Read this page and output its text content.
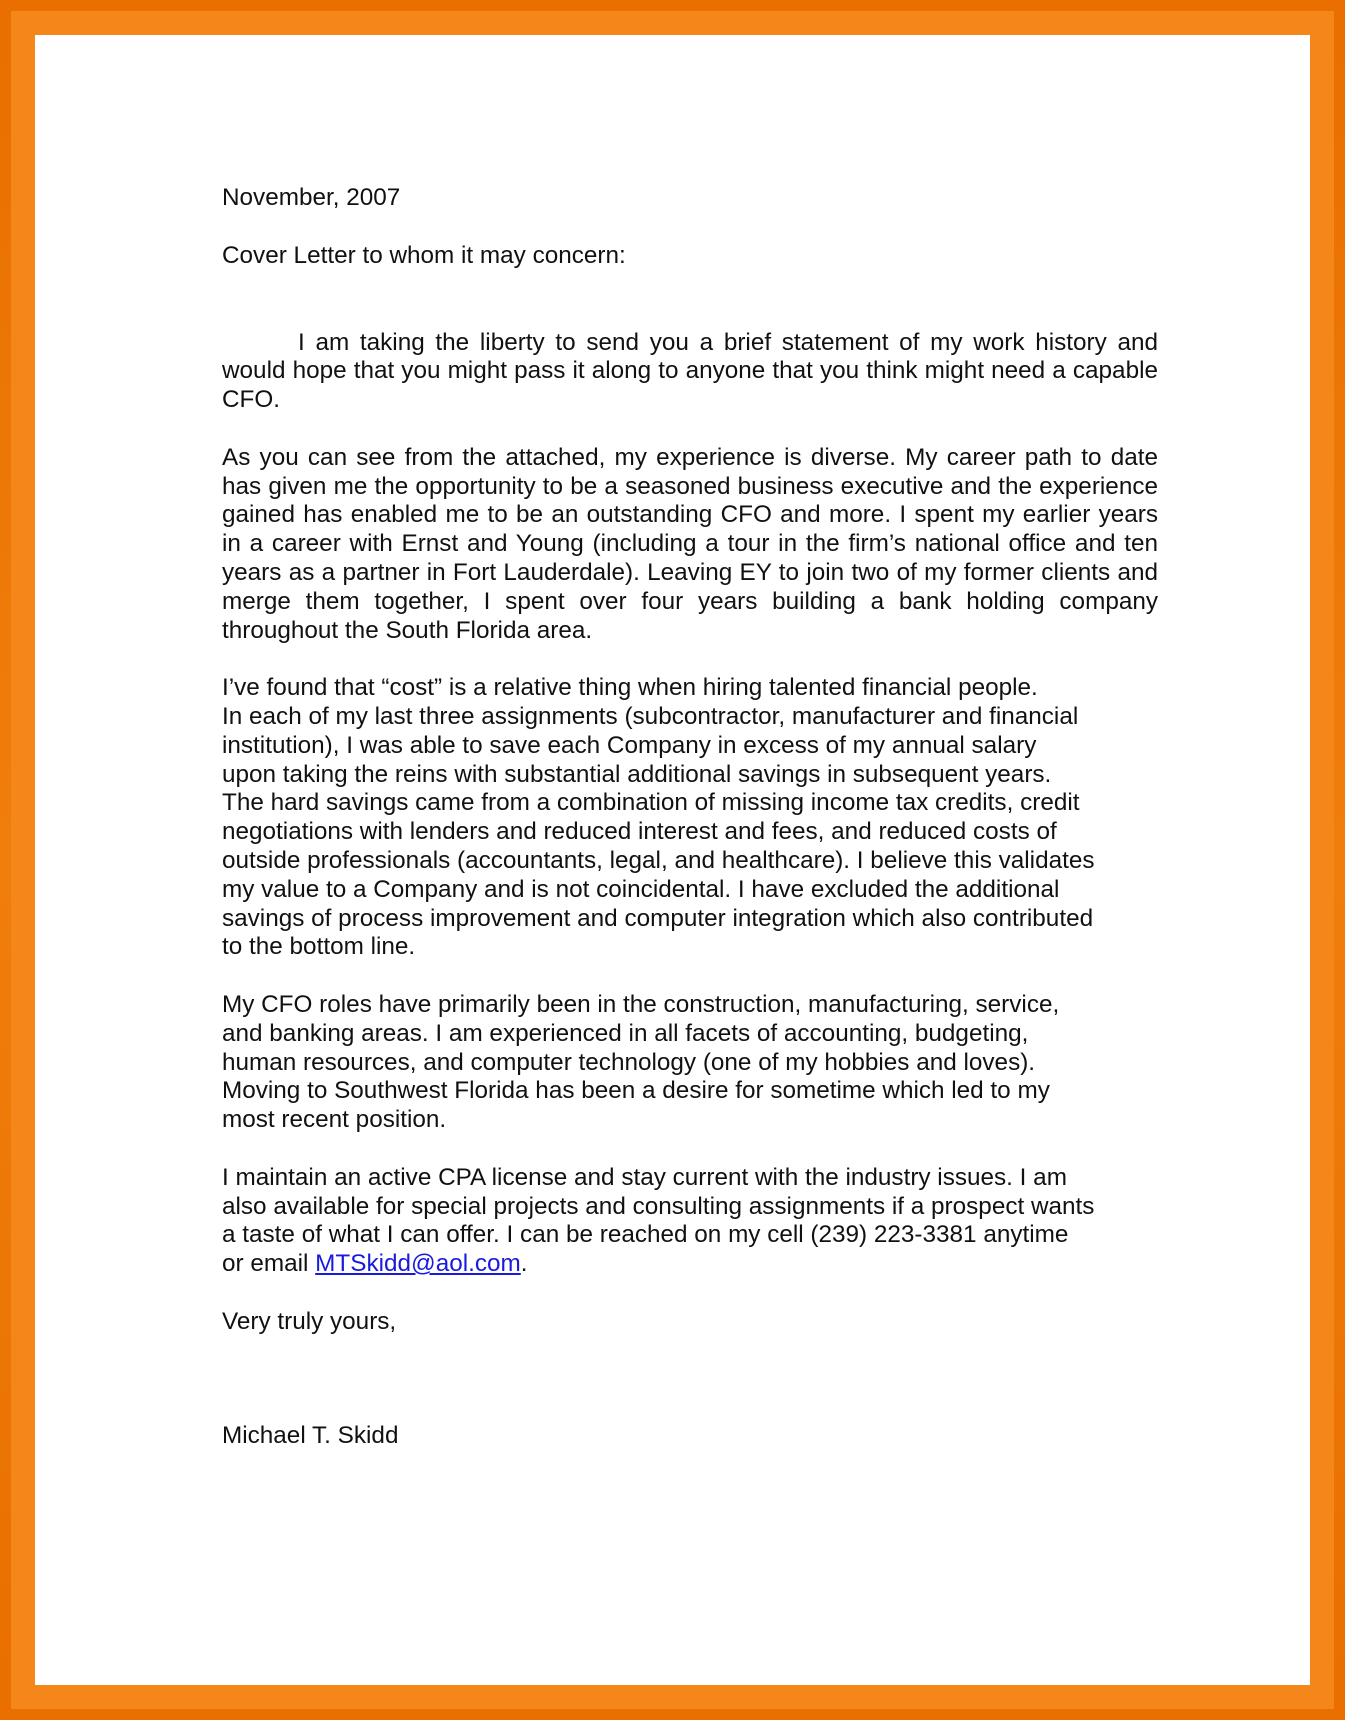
November, 2007

Cover Letter to whom it may concern:

I am taking the liberty to send you a brief statement of my work history and would hope that you might pass it along to anyone that you think might need a capable CFO.

As you can see from the attached, my experience is diverse. My career path to date has given me the opportunity to be a seasoned business executive and the experience gained has enabled me to be an outstanding CFO and more. I spent my earlier years in a career with Ernst and Young (including a tour in the firm’s national office and ten years as a partner in Fort Lauderdale). Leaving EY to join two of my former clients and merge them together, I spent over four years building a bank holding company throughout the South Florida area.

I’ve found that “cost” is a relative thing when hiring talented financial people.
In each of my last three assignments (subcontractor, manufacturer and financial
institution), I was able to save each Company in excess of my annual salary
upon taking the reins with substantial additional savings in subsequent years.
The hard savings came from a combination of missing income tax credits, credit
negotiations with lenders and reduced interest and fees, and reduced costs of
outside professionals (accountants, legal, and healthcare). I believe this validates
my value to a Company and is not coincidental. I have excluded the additional
savings of process improvement and computer integration which also contributed
to the bottom line.
My CFO roles have primarily been in the construction, manufacturing, service,
and banking areas. I am experienced in all facets of accounting, budgeting,
human resources, and computer technology (one of my hobbies and loves).
Moving to Southwest Florida has been a desire for sometime which led to my
most recent position.
I maintain an active CPA license and stay current with the industry issues. I am
also available for special projects and consulting assignments if a prospect wants
a taste of what I can offer. I can be reached on my cell (239) 223-3381 anytime
or email MTSkidd@aol.com.

Very truly yours,

Michael T. Skidd
